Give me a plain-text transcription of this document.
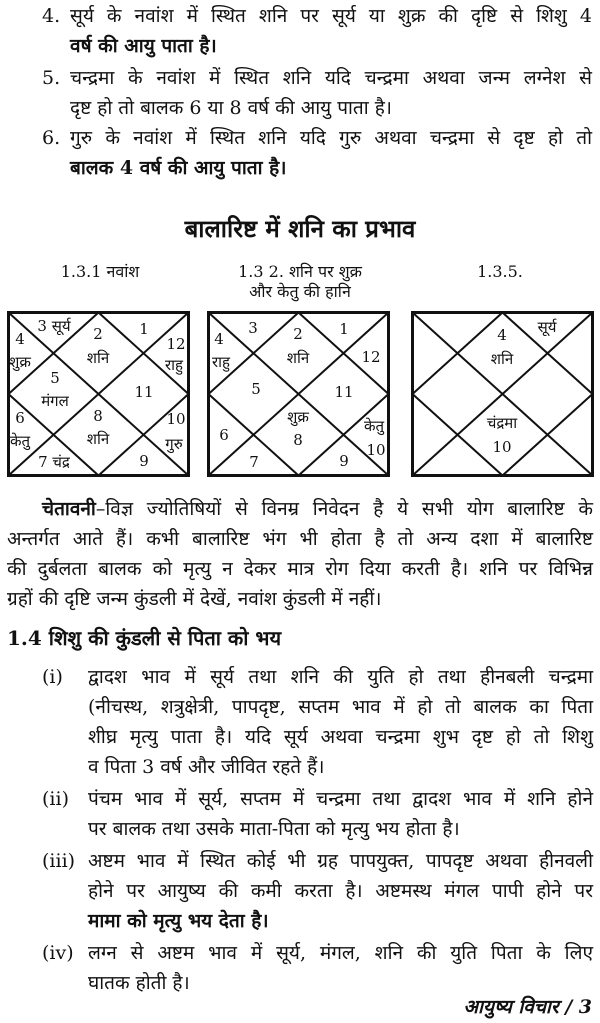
4. सूर्य के नवांश में स्थित शनि पर सूर्य या शुक्र की दृष्टि से शिशु 4
वर्ष की आयु पाता है।
5. चन्द्रमा के नवांश में स्थित शनि यदि चन्द्रमा अथवा जन्म लग्नेश से
दृष्ट हो तो बालक 6 या 8 वर्ष की आयु पाता है।
6. गुरु के नवांश में स्थित शनि यदि गुरु अथवा चन्द्रमा से दृष्ट हो तो
बालक 4 वर्ष की आयु पाता है।
बालारिष्ट में शनि का प्रभाव
1.3.1 नवांश	1.3 2. शनि पर शुक्र
और केतु की हानि
1.3.5.
3 सूर्य 2
शनि
1
4
शुक्र
12
राहु
5
मंगल	11
6
केतु
8
शनि
10
गुरु
7 चंद्र	9
3 2
शनि
1
4
राहु	12
5	11
शुक्र
8
6	केतु
10
7	9
सूर्य
4
शनि
चंद्रमा
10
चेतावनी–विज्ञ ज्योतिषियों से विनम्र निवेदन है ये सभी योग बालारिष्ट के
अन्तर्गत आते हैं। कभी बालारिष्ट भंग भी होता है तो अन्य दशा में बालारिष्ट
की दुर्बलता बालक को मृत्यु न देकर मात्र रोग दिया करती है। शनि पर विभिन्न
ग्रहों की दृष्टि जन्म कुंडली में देखें, नवांश कुंडली में नहीं।
1.4 शिशु की कुंडली से पिता को भय
(i) द्वादश भाव में सूर्य तथा शनि की युति हो तथा हीनबली चन्द्रमा
(नीचस्थ, शत्रुक्षेत्री, पापदृष्ट, सप्तम भाव में हो तो बालक का पिता
शीघ्र मृत्यु पाता है। यदि सूर्य अथवा चन्द्रमा शुभ दृष्ट हो तो शिशु
व पिता 3 वर्ष और जीवित रहते हैं।
(ii) पंचम भाव में सूर्य, सप्तम में चन्द्रमा तथा द्वादश भाव में शनि होने
पर बालक तथा उसके माता-पिता को मृत्यु भय होता है।
(iii) अष्टम भाव में स्थित कोई भी ग्रह पापयुक्त, पापदृष्ट अथवा हीनवली
होने पर आयुष्य की कमी करता है। अष्टमस्थ मंगल पापी होने पर
मामा को मृत्यु भय देता है।
(iv) लग्न से अष्टम भाव में सूर्य, मंगल, शनि की युति पिता के लिए
घातक होती है।
आयुष्य विचार / 3
